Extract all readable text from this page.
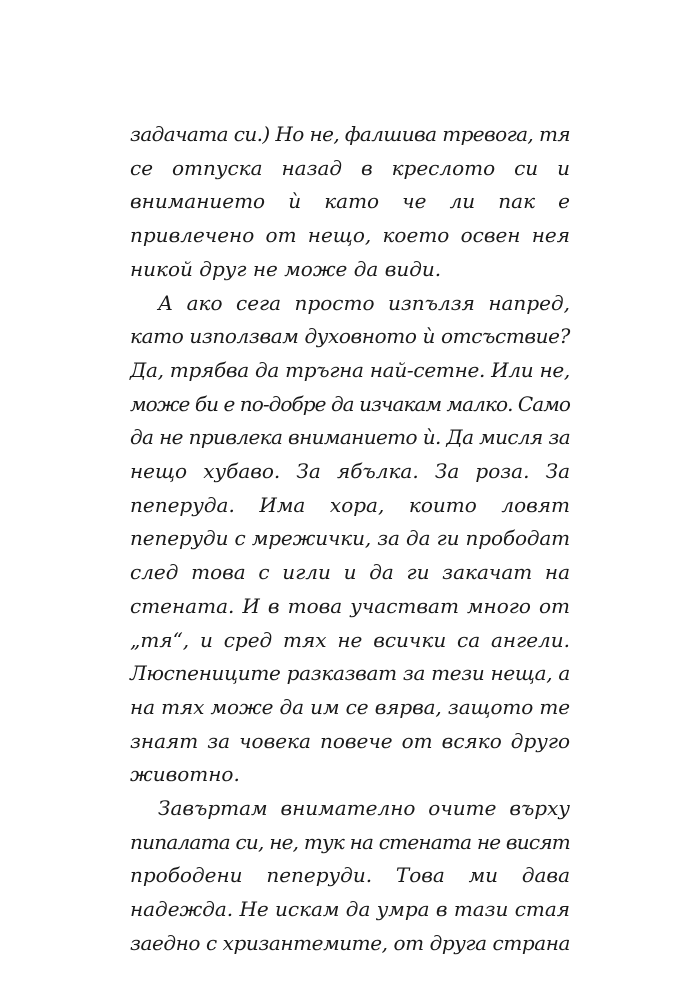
задачата си.) Но не, фалшива тревога, тя
се отпуска назад в креслото си и
вниманието ѝ като че ли пак е
привлечено от нещо, което освен нея
никой друг не може да види.

А ако сега просто изпълзя напред,
като използвам духовното ѝ отсъствие?
Да, трябва да тръгна най-сетне. Или не,
може би е по-добре да изчакам малко. Само
да не привлека вниманието ѝ. Да мисля за
нещо хубаво. За ябълка. За роза. За
пеперуда. Има хора, които ловят
пеперуди с мрежички, за да ги прободат
след това с игли и да ги закачат на
стената. И в това участват много от
„тя“, и сред тях не всички са ангели.
Люспениците разказват за тези неща, а
на тях може да им се вярва, защото те
знаят за човека повече от всяко друго
животно.

Завъртам внимателно очите върху
пипалата си, не, тук на стената не висят
прободени пеперуди. Това ми дава
надежда. Не искам да умра в тази стая
заедно с хризантемите, от друга страна
